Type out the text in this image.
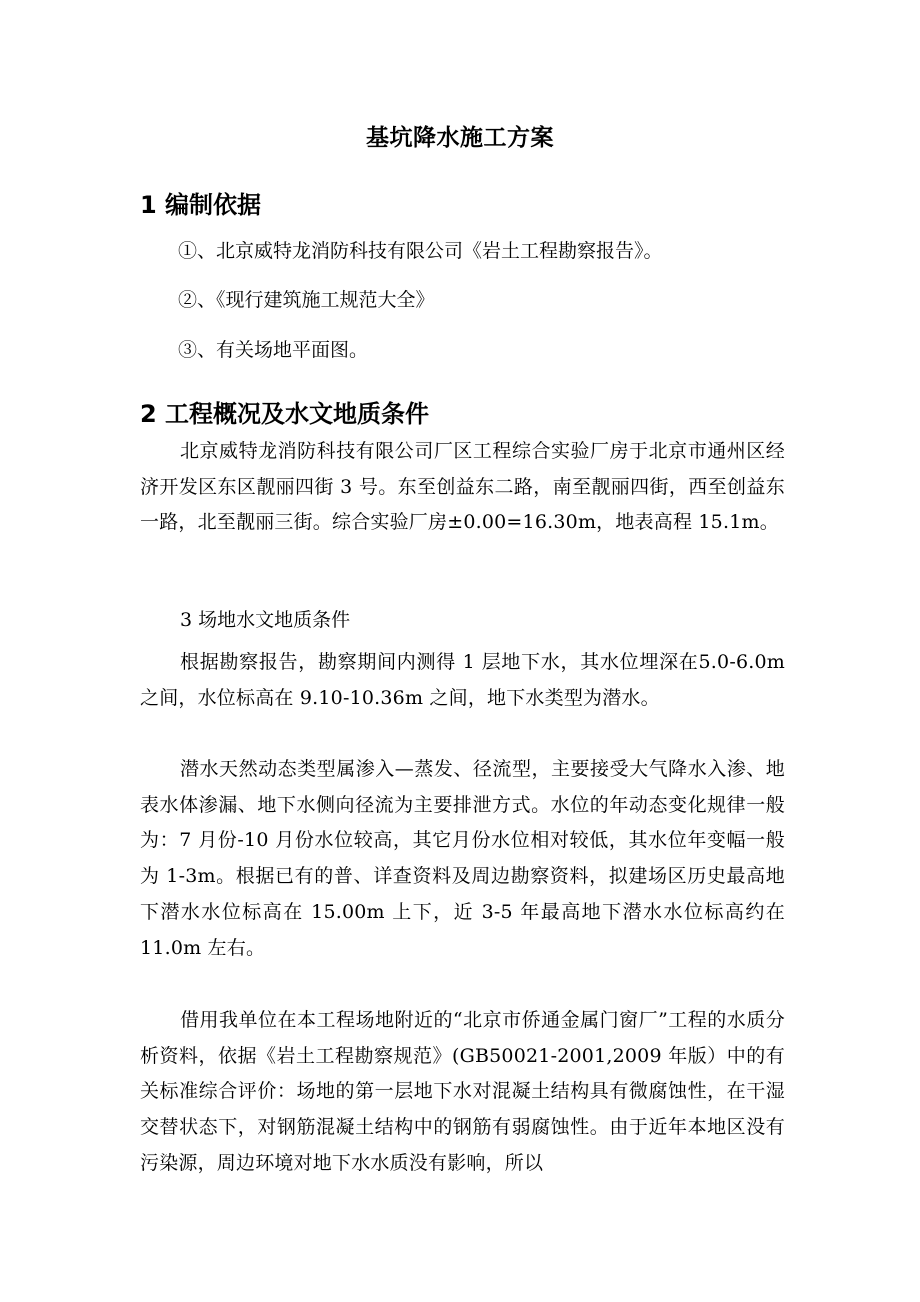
基坑降水施工方案
1 编制依据
①、北京威特龙消防科技有限公司《岩土工程勘察报告》。
②、《现行建筑施工规范大全》
③、有关场地平面图。
2 工程概况及水文地质条件

北京威特龙消防科技有限公司厂区工程综合实验厂房于北京市通州区经济开发区东区靓丽四街 3 号。东至创益东二路，南至靓丽四街，西至创益东一路，北至靓丽三街。综合实验厂房±0.00=16.30m，地表高程 15.1m。

3 场地水文地质条件

根据勘察报告，勘察期间内测得 1 层地下水，其水位埋深在5.0-6.0m 之间，水位标高在 9.10-10.36m 之间，地下水类型为潜水。

潜水天然动态类型属渗入—蒸发、径流型，主要接受大气降水入渗、地表水体渗漏、地下水侧向径流为主要排泄方式。水位的年动态变化规律一般为：7 月份-10 月份水位较高，其它月份水位相对较低，其水位年变幅一般为 1-3m。根据已有的普、详查资料及周边勘察资料，拟建场区历史最高地下潜水水位标高在 15.00m 上下，近 3-5 年最高地下潜水水位标高约在 11.0m 左右。

借用我单位在本工程场地附近的“北京市侨通金属门窗厂”工程的水质分析资料，依据《岩土工程勘察规范》(GB50021-2001,2009 年版）中的有关标准综合评价：场地的第一层地下水对混凝土结构具有微腐蚀性，在干湿交替状态下，对钢筋混凝土结构中的钢筋有弱腐蚀性。由于近年本地区没有污染源，周边环境对地下水水质没有影响，所以
